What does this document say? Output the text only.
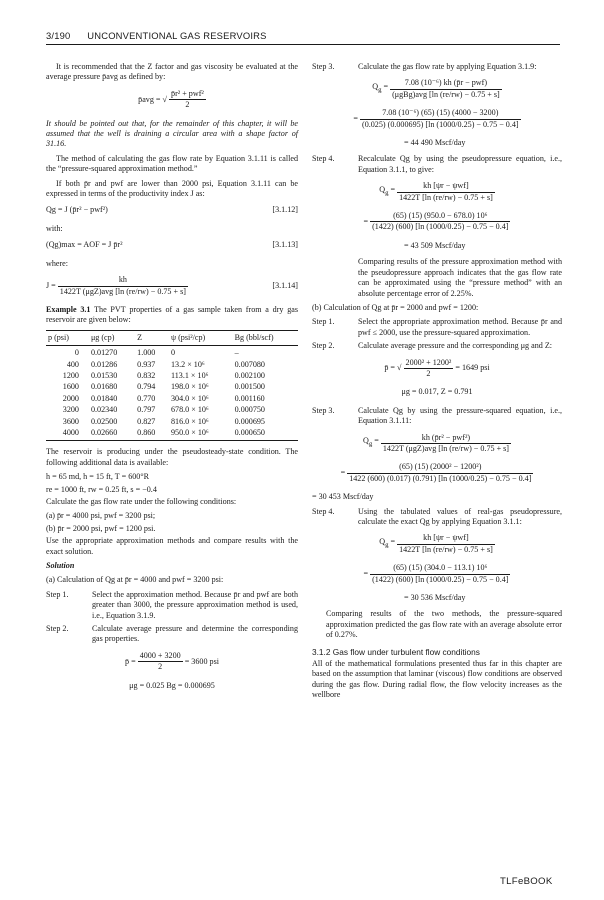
3/190 UNCONVENTIONAL GAS RESERVOIRS

It is recommended that the Z factor and gas viscosity be evaluated at the average pressure p̄avg as defined by:

p̄avg = √ $\frac{\text{p̄r² + pwf²}}{2}$

It should be pointed out that, for the remainder of this chapter, it will be assumed that the well is draining a circular area with a shape factor of 31.16.

The method of calculating the gas flow rate by Equation 3.1.11 is called the “pressure-squared approximation method.”

If both p̄r and pwf are lower than 2000 psi, Equation 3.1.11 can be expressed in terms of the productivity index J as:

Qg = J (p̄r² − pwf²)	[3.1.12]

with:

(Qg)max = AOF = J p̄r²	[3.1.13]

where:

$J = \frac{kh}{\text{1422T (μgZ)avg [ln (re/rw) − 0.75 + s]}}$	[3.1.14]

Example 3.1 The PVT properties of a gas sample taken from a dry gas reservoir are given below:

p (psi)	μg (cp)	Z	ψ (psi²/cp)	Bg (bbl/scf)
0	0.01270	1.000	0	–
400	0.01286	0.937	13.2 × 10⁶	0.007080
1200	0.01530	0.832	113.1 × 10⁶	0.002100
1600	0.01680	0.794	198.0 × 10⁶	0.001500
2000	0.01840	0.770	304.0 × 10⁶	0.001160
3200	0.02340	0.797	678.0 × 10⁶	0.000750
3600	0.02500	0.827	816.0 × 10⁶	0.000695
4000	0.02660	0.860	950.0 × 10⁶	0.000650

The reservoir is producing under the pseudosteady-state condition. The following additional data is available:

h = 65 md, h = 15 ft, T = 600°R

re = 1000 ft, rw = 0.25 ft, s = −0.4

Calculate the gas flow rate under the following conditions:

(a) p̄r = 4000 psi, pwf = 3200 psi;

(b) p̄r = 2000 psi, pwf = 1200 psi.

Use the appropriate approximation methods and compare results with the exact solution.

Solution

(a) Calculation of Qg at p̄r = 4000 and pwf = 3200 psi:

Step 1.	Select the approximation method. Because p̄r and pwf are both greater than 3000, the pressure approximation method is used, i.e., Equation 3.1.9.
Step 2.	Calculate average pressure and determine the corresponding gas properties.
p̄ = $\frac{4000 + 3200}{2} = 3600$ psi
μg = 0.025 Bg = 0.000695
Step 3.	Calculate the gas flow rate by applying Equation 3.1.9:
$Q_g = \frac{\text{7.08 (10⁻⁶) kh (p̄r − pwf)}}{\text{(μgBg)avg [ln (re/rw) − 0.75 + s]}}$
= $\frac{\text{7.08 (10⁻⁶) (65) (15) (4000 − 3200)}}{(0.025) (0.000695) [\ln (1000/0.25) - 0.75 - 0.4]}$
= 44 490 Mscf/day
Step 4.	Recalculate Qg by using the pseudopressure equation, i.e., Equation 3.1.1, to give:
$Q_g = \frac{\text{kh [ψr − ψwf]}}{1422T [\ln (re/rw) - 0.75 + s]}$
= $\frac{\text{(65) (15) (950.0 − 678.0) 10⁶}}{(1422) (600) [\ln (1000/0.25) - 0.75 - 0.4]}$
= 43 509 Mscf/day

Comparing results of the pressure approximation method with the pseudopressure approach indicates that the gas flow rate can be approximated using the “pressure method” with an absolute percentage error of 2.25%.

(b) Calculation of Qg at p̄r = 2000 and pwf = 1200:

Step 1.	Select the appropriate approximation method. Because p̄r and pwf ≤ 2000, use the pressure-squared approximation.
Step 2.	Calculate average pressure and the corresponding μg and Z:
p̄ = √ $\frac{\text{2000² + 1200²}}{2} = 1649$ psi
μg = 0.017, Z = 0.791
Step 3.	Calculate Qg by using the pressure-squared equation, i.e., Equation 3.1.11:
$Q_g = \frac{\text{kh (p̄r² − pwf²)}}{\text{1422T (μgZ)avg [ln (re/rw) − 0.75 + s]}}$
= $\frac{\text{(65) (15) (2000² − 1200²)}}{1422 (600) (0.017) (0.791) [\ln (1000/0.25) - 0.75 - 0.4]}$
= 30 453 Mscf/day
Step 4.	Using the tabulated values of real-gas pseudopressure, calculate the exact Qg by applying Equation 3.1.1:
$Q_g = \frac{\text{kh [ψr − ψwf]}}{1422T [\ln (re/rw) - 0.75 + s]}$
= $\frac{\text{(65) (15) (304.0 − 113.1) 10⁶}}{(1422) (600) [\ln (1000/0.25) - 0.75 - 0.4]}$
= 30 536 Mscf/day

Comparing results of the two methods, the pressure-squared approximation predicted the gas flow rate with an average absolute error of 0.27%.

3.1.2 Gas flow under turbulent flow conditions

All of the mathematical formulations presented thus far in this chapter are based on the assumption that laminar (viscous) flow conditions are observed during the gas flow. During radial flow, the flow velocity increases as the wellbore

TLFeBOOK
